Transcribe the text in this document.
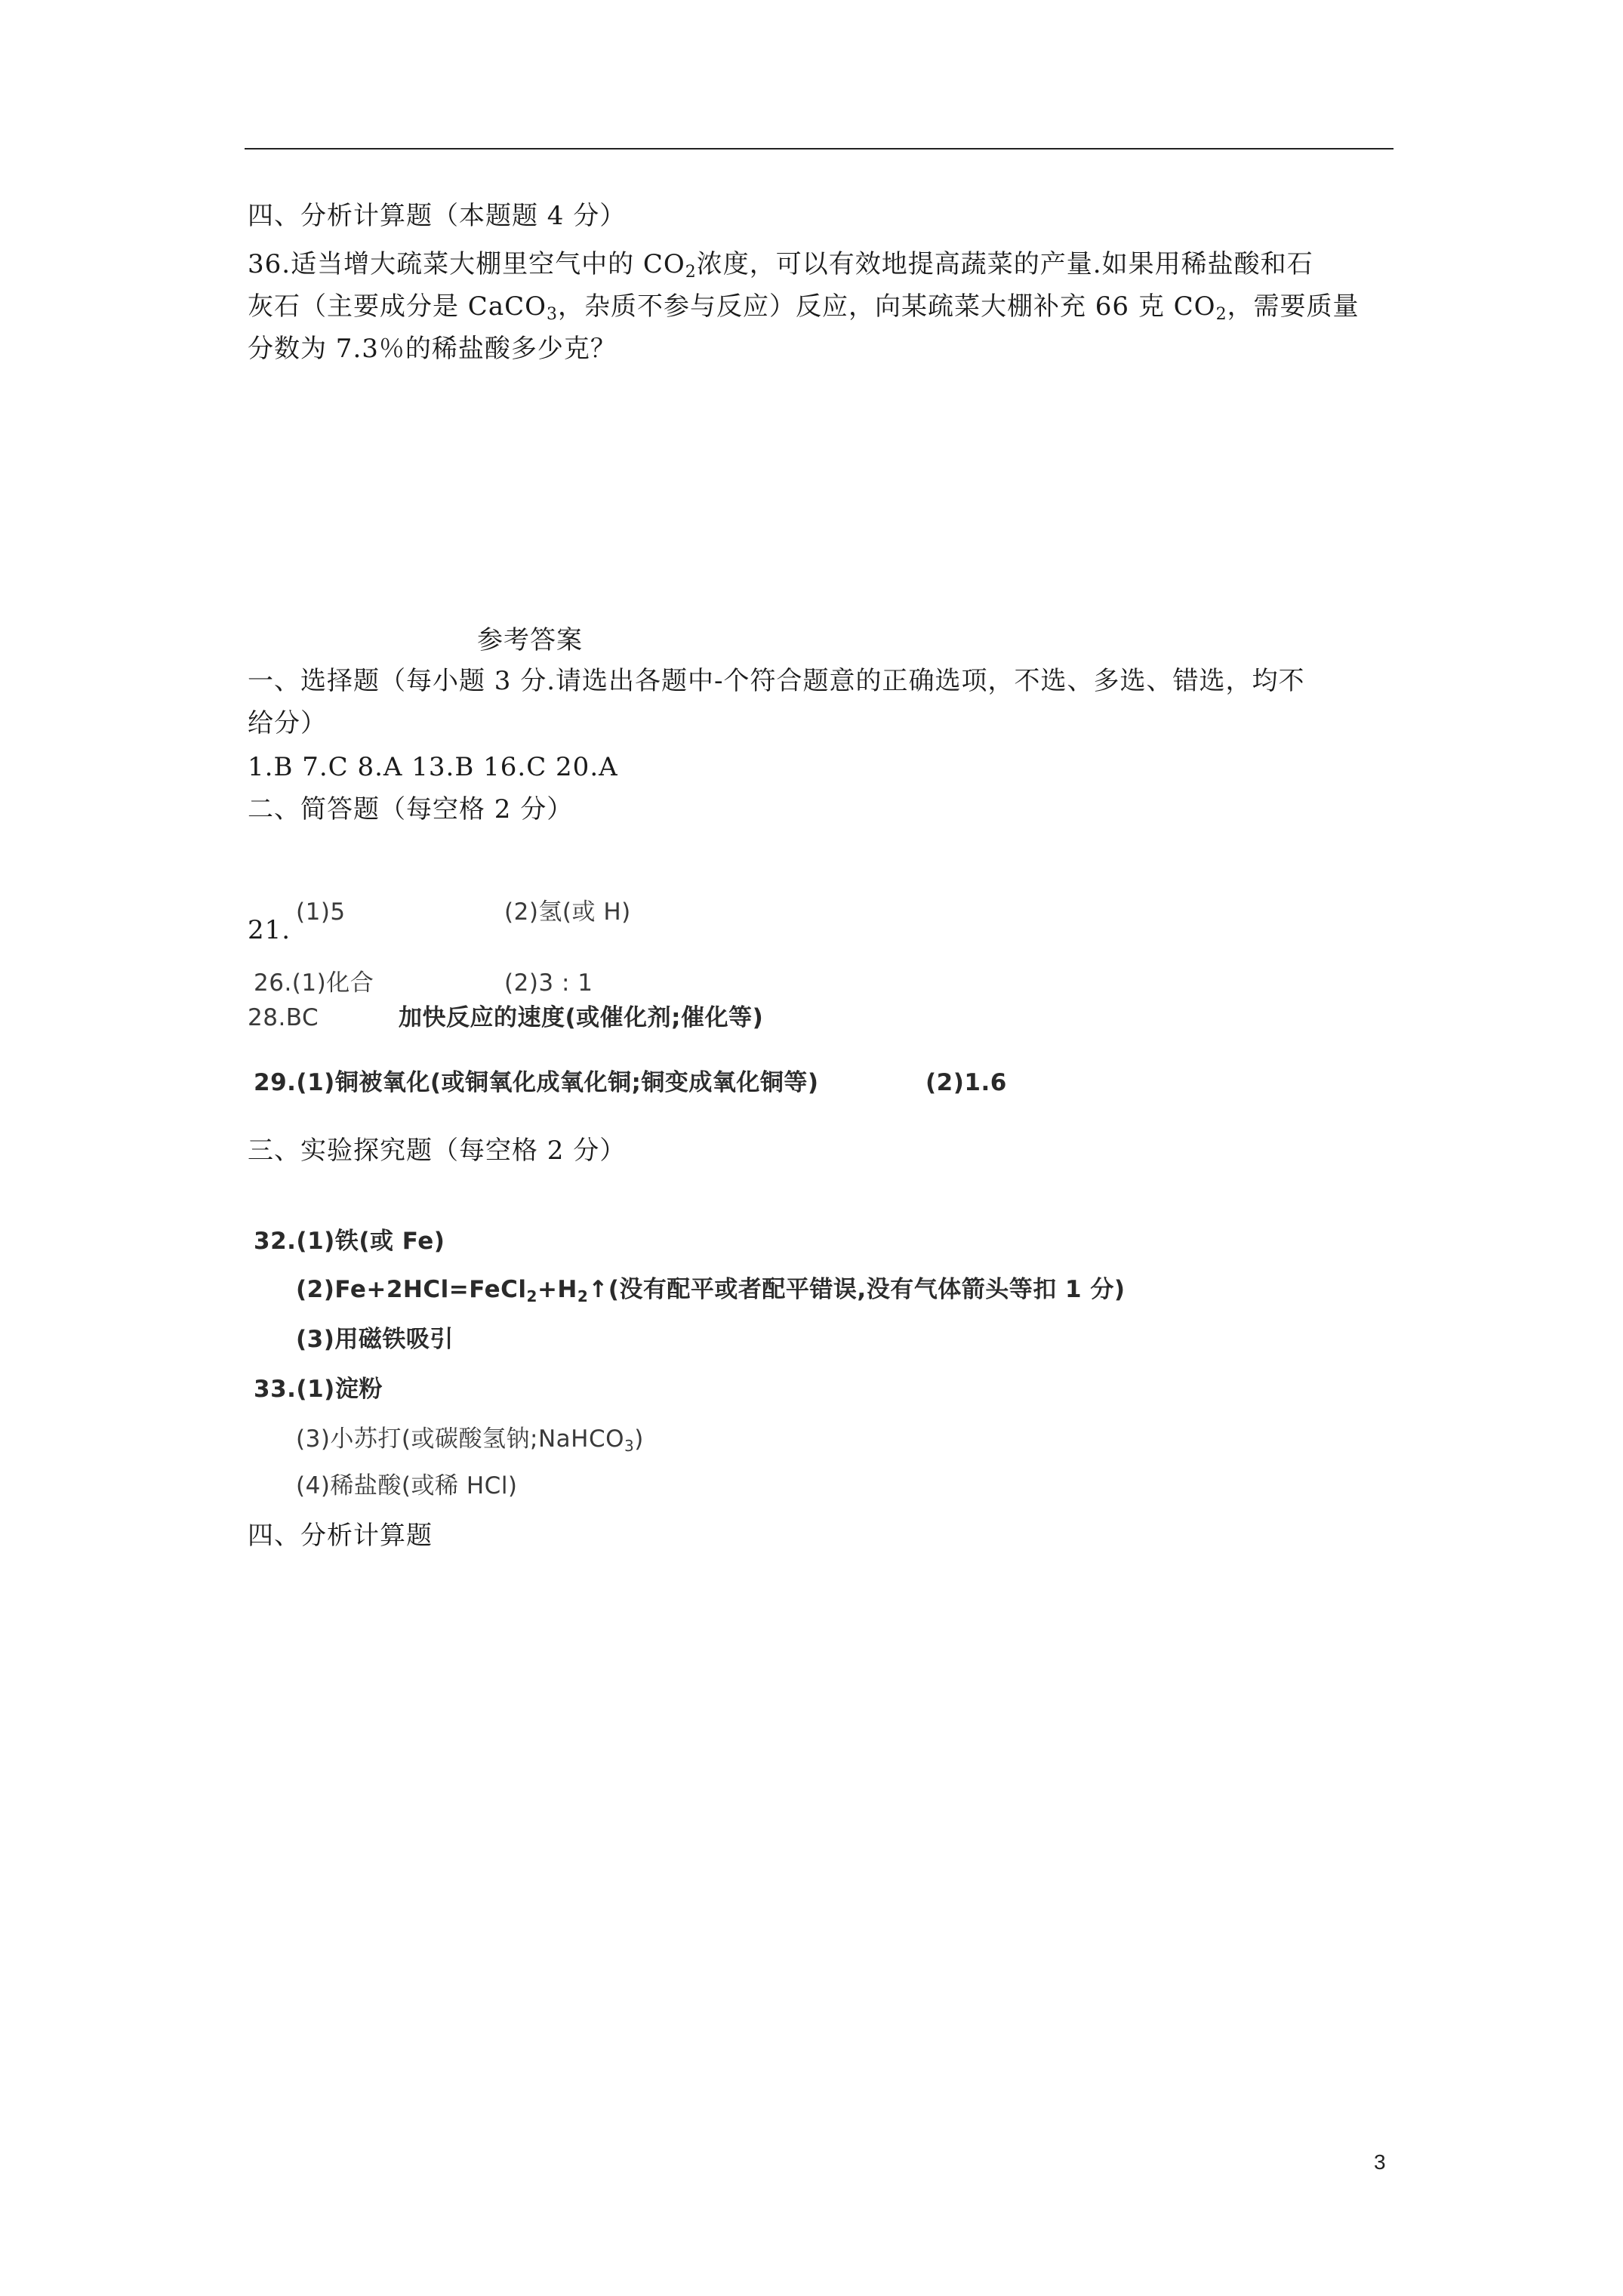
四、分析计算题（本题题 4 分）
36.适当增大疏菜大棚里空气中的 $CO_2$浓度，可以有效地提高蔬菜的产量.如果用稀盐酸和石
灰石（主要成分是 CaCO$_3$，杂质不参与反应）反应，向某疏菜大棚补充 66 克 $CO_2$，需要质量
分数为 7.3％的稀盐酸多少克？
参考答案
一、选择题（每小题 3 分.请选出各题中-个符合题意的正确选项，不选、多选、错选，均不
给分）
1.B 7.C 8.A 13.B 16.C 20.A
二、简答题（每空格 2 分）
21.
(1)5	(2)氢(或 H)
26.(1)化合	(2)3 : 1
28.BC	加快反应的速度(或催化剂;催化等)
29.(1)铜被氧化(或铜氧化成氧化铜;铜变成氧化铜等)	(2)1.6
三、实验探究题（每空格 2 分）
32.(1)铁(或 Fe)
$(2)Fe+2HCl=FeCl_2+H_2↑$(没有配平或者配平错误,没有气体箭头等扣 1 分)
(3)用磁铁吸引
33.(1)淀粉
(3)小苏打(或碳酸氢钠;NaHCO$_3$)
(4)稀盐酸(或稀 HCl)
四、分析计算题
3
